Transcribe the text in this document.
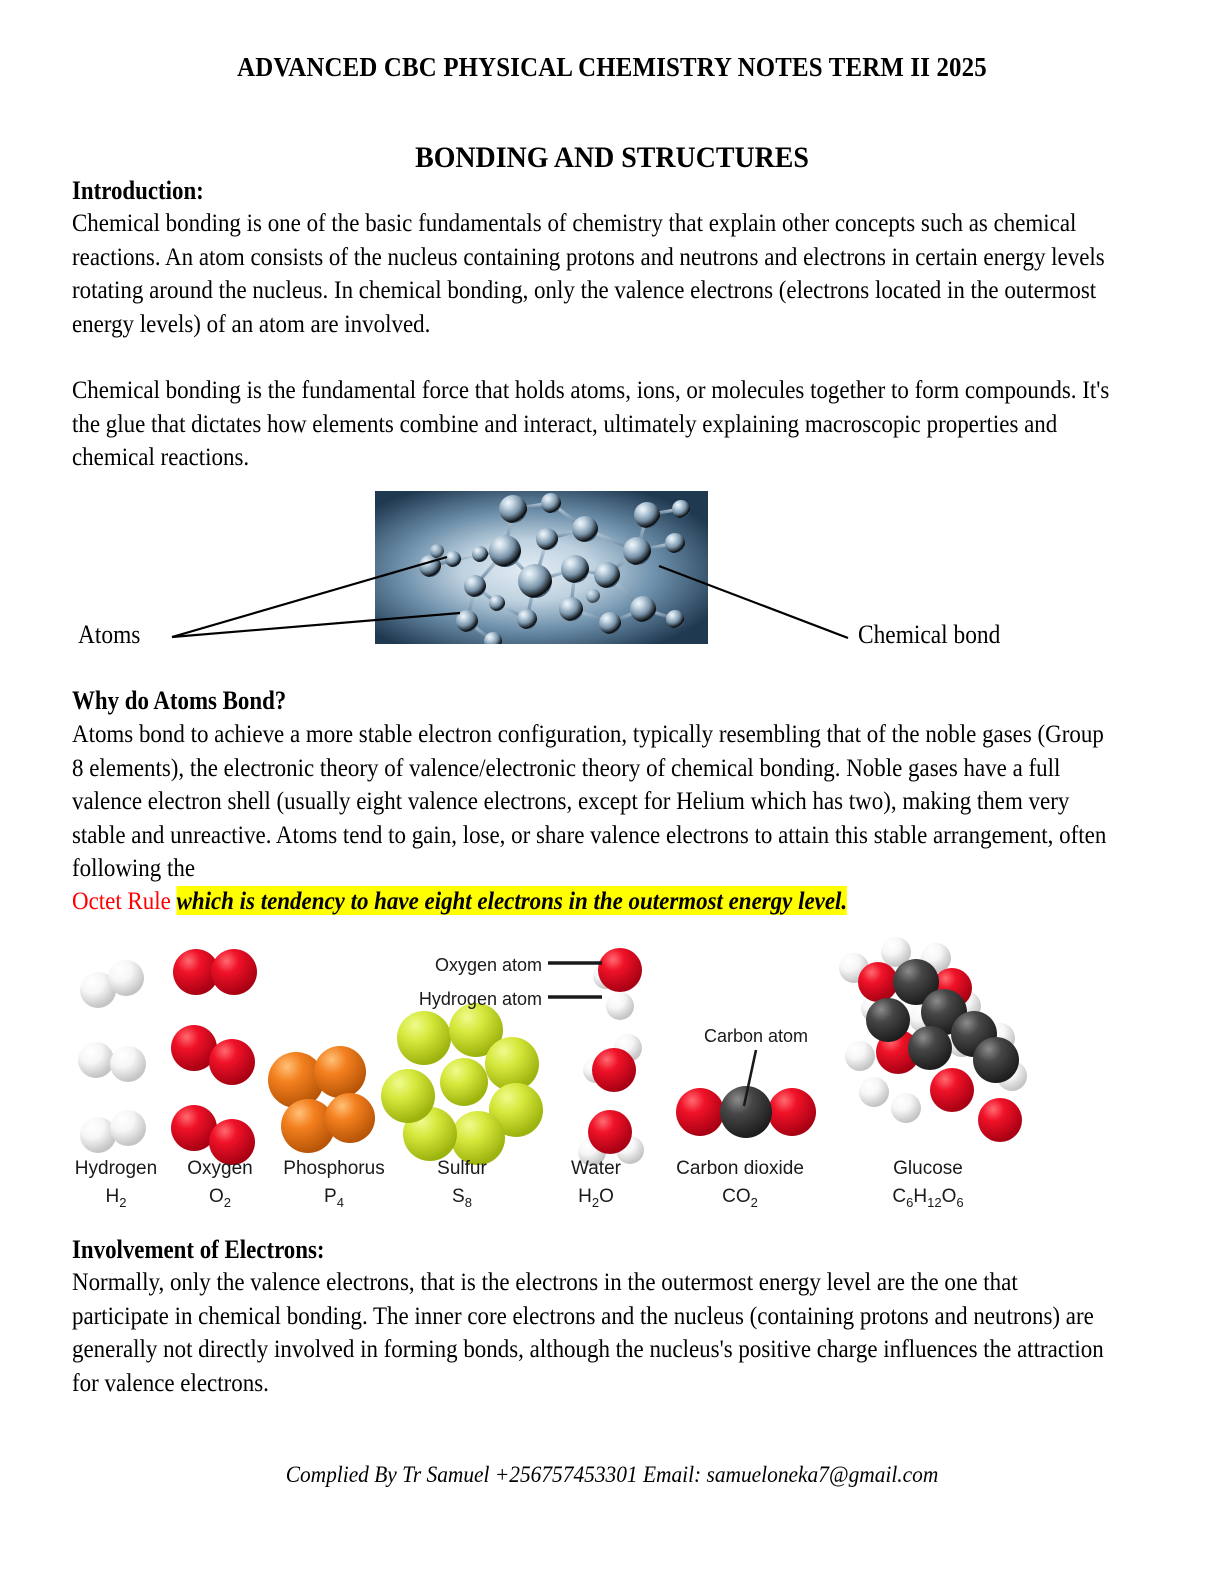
ADVANCED CBC PHYSICAL CHEMISTRY NOTES TERM II 2025
BONDING AND STRUCTURES
Introduction:
Chemical bonding is one of the basic fundamentals of chemistry that explain other concepts such as chemical reactions. An atom consists of the nucleus containing protons and neutrons and electrons in certain energy levels rotating around the nucleus. In chemical bonding, only the valence electrons (electrons located in the outermost energy levels) of an atom are involved.
Chemical bonding is the fundamental force that holds atoms, ions, or molecules together to form compounds. It's the glue that dictates how elements combine and interact, ultimately explaining macroscopic properties and chemical reactions.
Atoms	Chemical bond
Why do Atoms Bond?
Atoms bond to achieve a more stable electron configuration, typically resembling that of the noble gases (Group 8 elements), the electronic theory of valence/electronic theory of chemical bonding. Noble gases have a full valence electron shell (usually eight valence electrons, except for Helium which has two), making them very stable and unreactive. Atoms tend to gain, lose, or share valence electrons to attain this stable arrangement, often following the
Octet Rule which is tendency to have eight electrons in the outermost energy level.
Oxygen atom
Hydrogen atom
Carbon atom
Hydrogen
$H_2$
Oxygen
$O_2$
Phosphorus
$P_4$
Sulfur
$S_8$
Water
$H_2O$
Carbon dioxide
$CO_2$
Glucose
$C_6H_{12}O_6$
Involvement of Electrons:
Normally, only the valence electrons, that is the electrons in the outermost energy level are the one that participate in chemical bonding. The inner core electrons and the nucleus (containing protons and neutrons) are generally not directly involved in forming bonds, although the nucleus's positive charge influences the attraction for valence electrons.
Complied By Tr Samuel +256757453301 Email: samueloneka7@gmail.com
